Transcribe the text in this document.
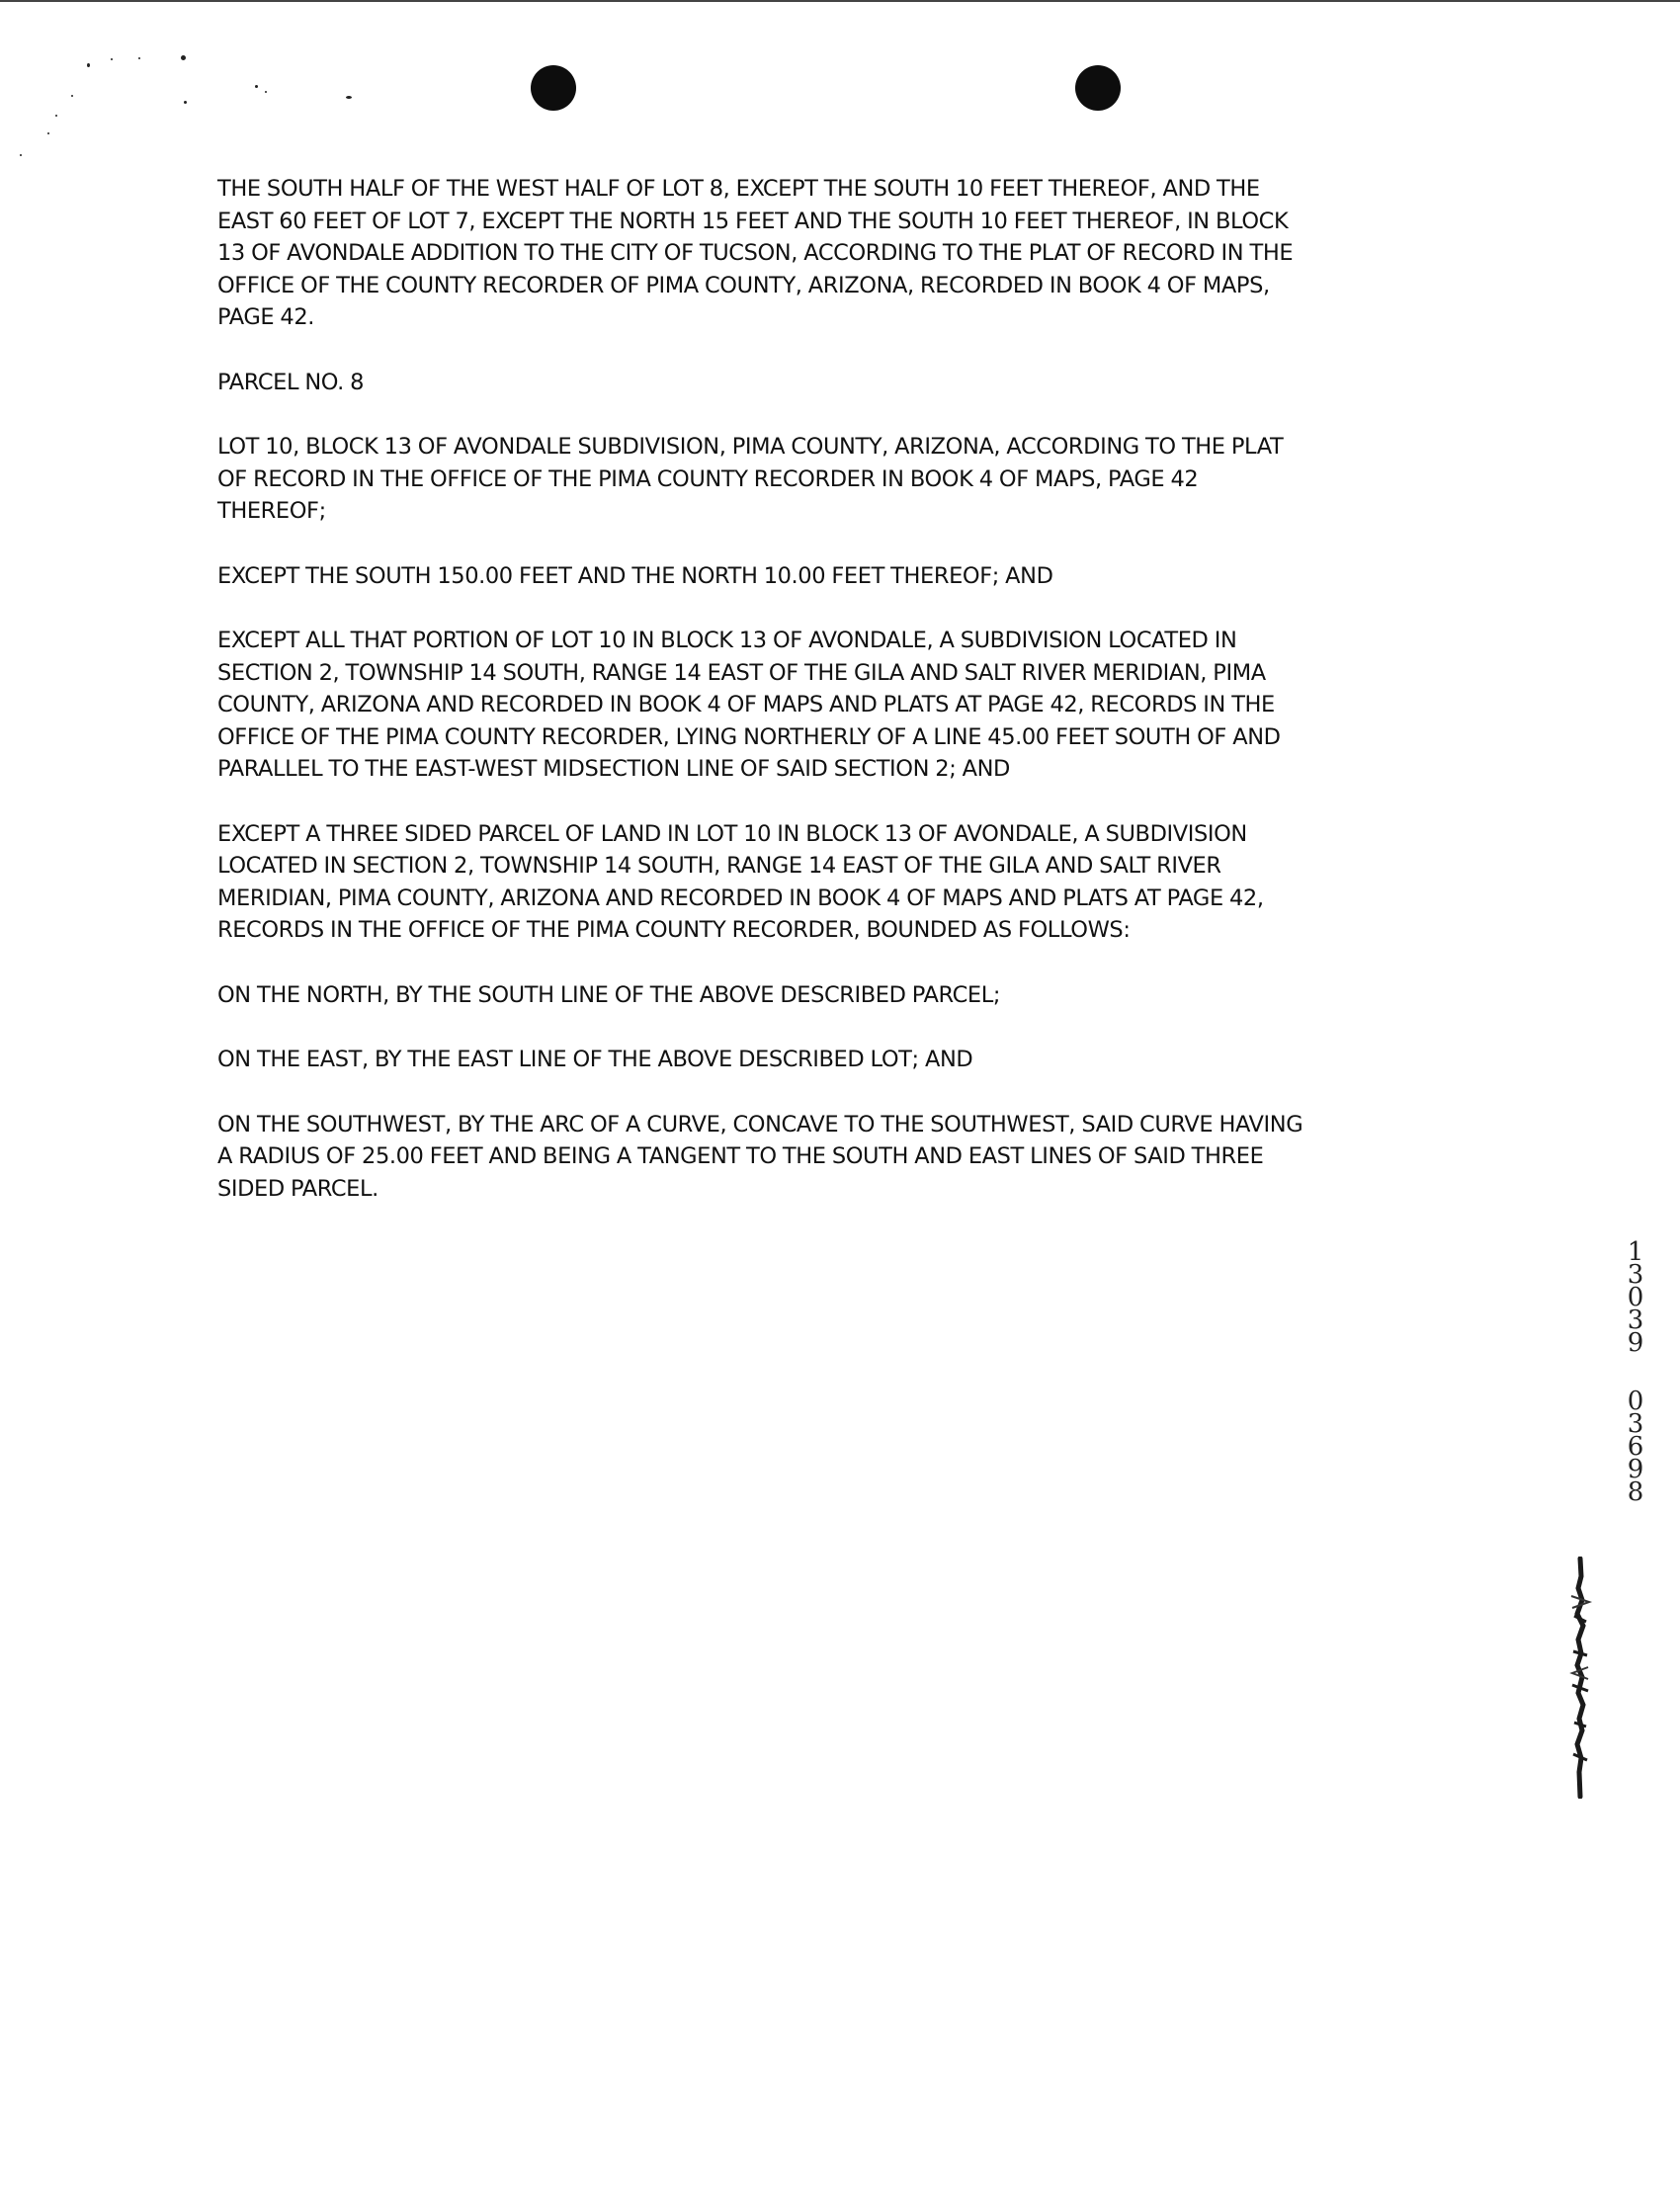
THE SOUTH HALF OF THE WEST HALF OF LOT 8, EXCEPT THE SOUTH 10 FEET THEREOF, AND THE
EAST 60 FEET OF LOT 7, EXCEPT THE NORTH 15 FEET AND THE SOUTH 10 FEET THEREOF, IN BLOCK
13 OF AVONDALE ADDITION TO THE CITY OF TUCSON, ACCORDING TO THE PLAT OF RECORD IN THE
OFFICE OF THE COUNTY RECORDER OF PIMA COUNTY, ARIZONA, RECORDED IN BOOK 4 OF MAPS,
PAGE 42.

PARCEL NO. 8

LOT 10, BLOCK 13 OF AVONDALE SUBDIVISION, PIMA COUNTY, ARIZONA, ACCORDING TO THE PLAT
OF RECORD IN THE OFFICE OF THE PIMA COUNTY RECORDER IN BOOK 4 OF MAPS, PAGE 42
THEREOF;

EXCEPT THE SOUTH 150.00 FEET AND THE NORTH 10.00 FEET THEREOF; AND

EXCEPT ALL THAT PORTION OF LOT 10 IN BLOCK 13 OF AVONDALE, A SUBDIVISION LOCATED IN
SECTION 2, TOWNSHIP 14 SOUTH, RANGE 14 EAST OF THE GILA AND SALT RIVER MERIDIAN, PIMA
COUNTY, ARIZONA AND RECORDED IN BOOK 4 OF MAPS AND PLATS AT PAGE 42, RECORDS IN THE
OFFICE OF THE PIMA COUNTY RECORDER, LYING NORTHERLY OF A LINE 45.00 FEET SOUTH OF AND
PARALLEL TO THE EAST-WEST MIDSECTION LINE OF SAID SECTION 2; AND

EXCEPT A THREE SIDED PARCEL OF LAND IN LOT 10 IN BLOCK 13 OF AVONDALE, A SUBDIVISION
LOCATED IN SECTION 2, TOWNSHIP 14 SOUTH, RANGE 14 EAST OF THE GILA AND SALT RIVER
MERIDIAN, PIMA COUNTY, ARIZONA AND RECORDED IN BOOK 4 OF MAPS AND PLATS AT PAGE 42,
RECORDS IN THE OFFICE OF THE PIMA COUNTY RECORDER, BOUNDED AS FOLLOWS:

ON THE NORTH, BY THE SOUTH LINE OF THE ABOVE DESCRIBED PARCEL;

ON THE EAST, BY THE EAST LINE OF THE ABOVE DESCRIBED LOT; AND

ON THE SOUTHWEST, BY THE ARC OF A CURVE, CONCAVE TO THE SOUTHWEST, SAID CURVE HAVING
A RADIUS OF 25.00 FEET AND BEING A TANGENT TO THE SOUTH AND EAST LINES OF SAID THREE
SIDED PARCEL.

1
3
0
3
9
0
3
6
9
8
